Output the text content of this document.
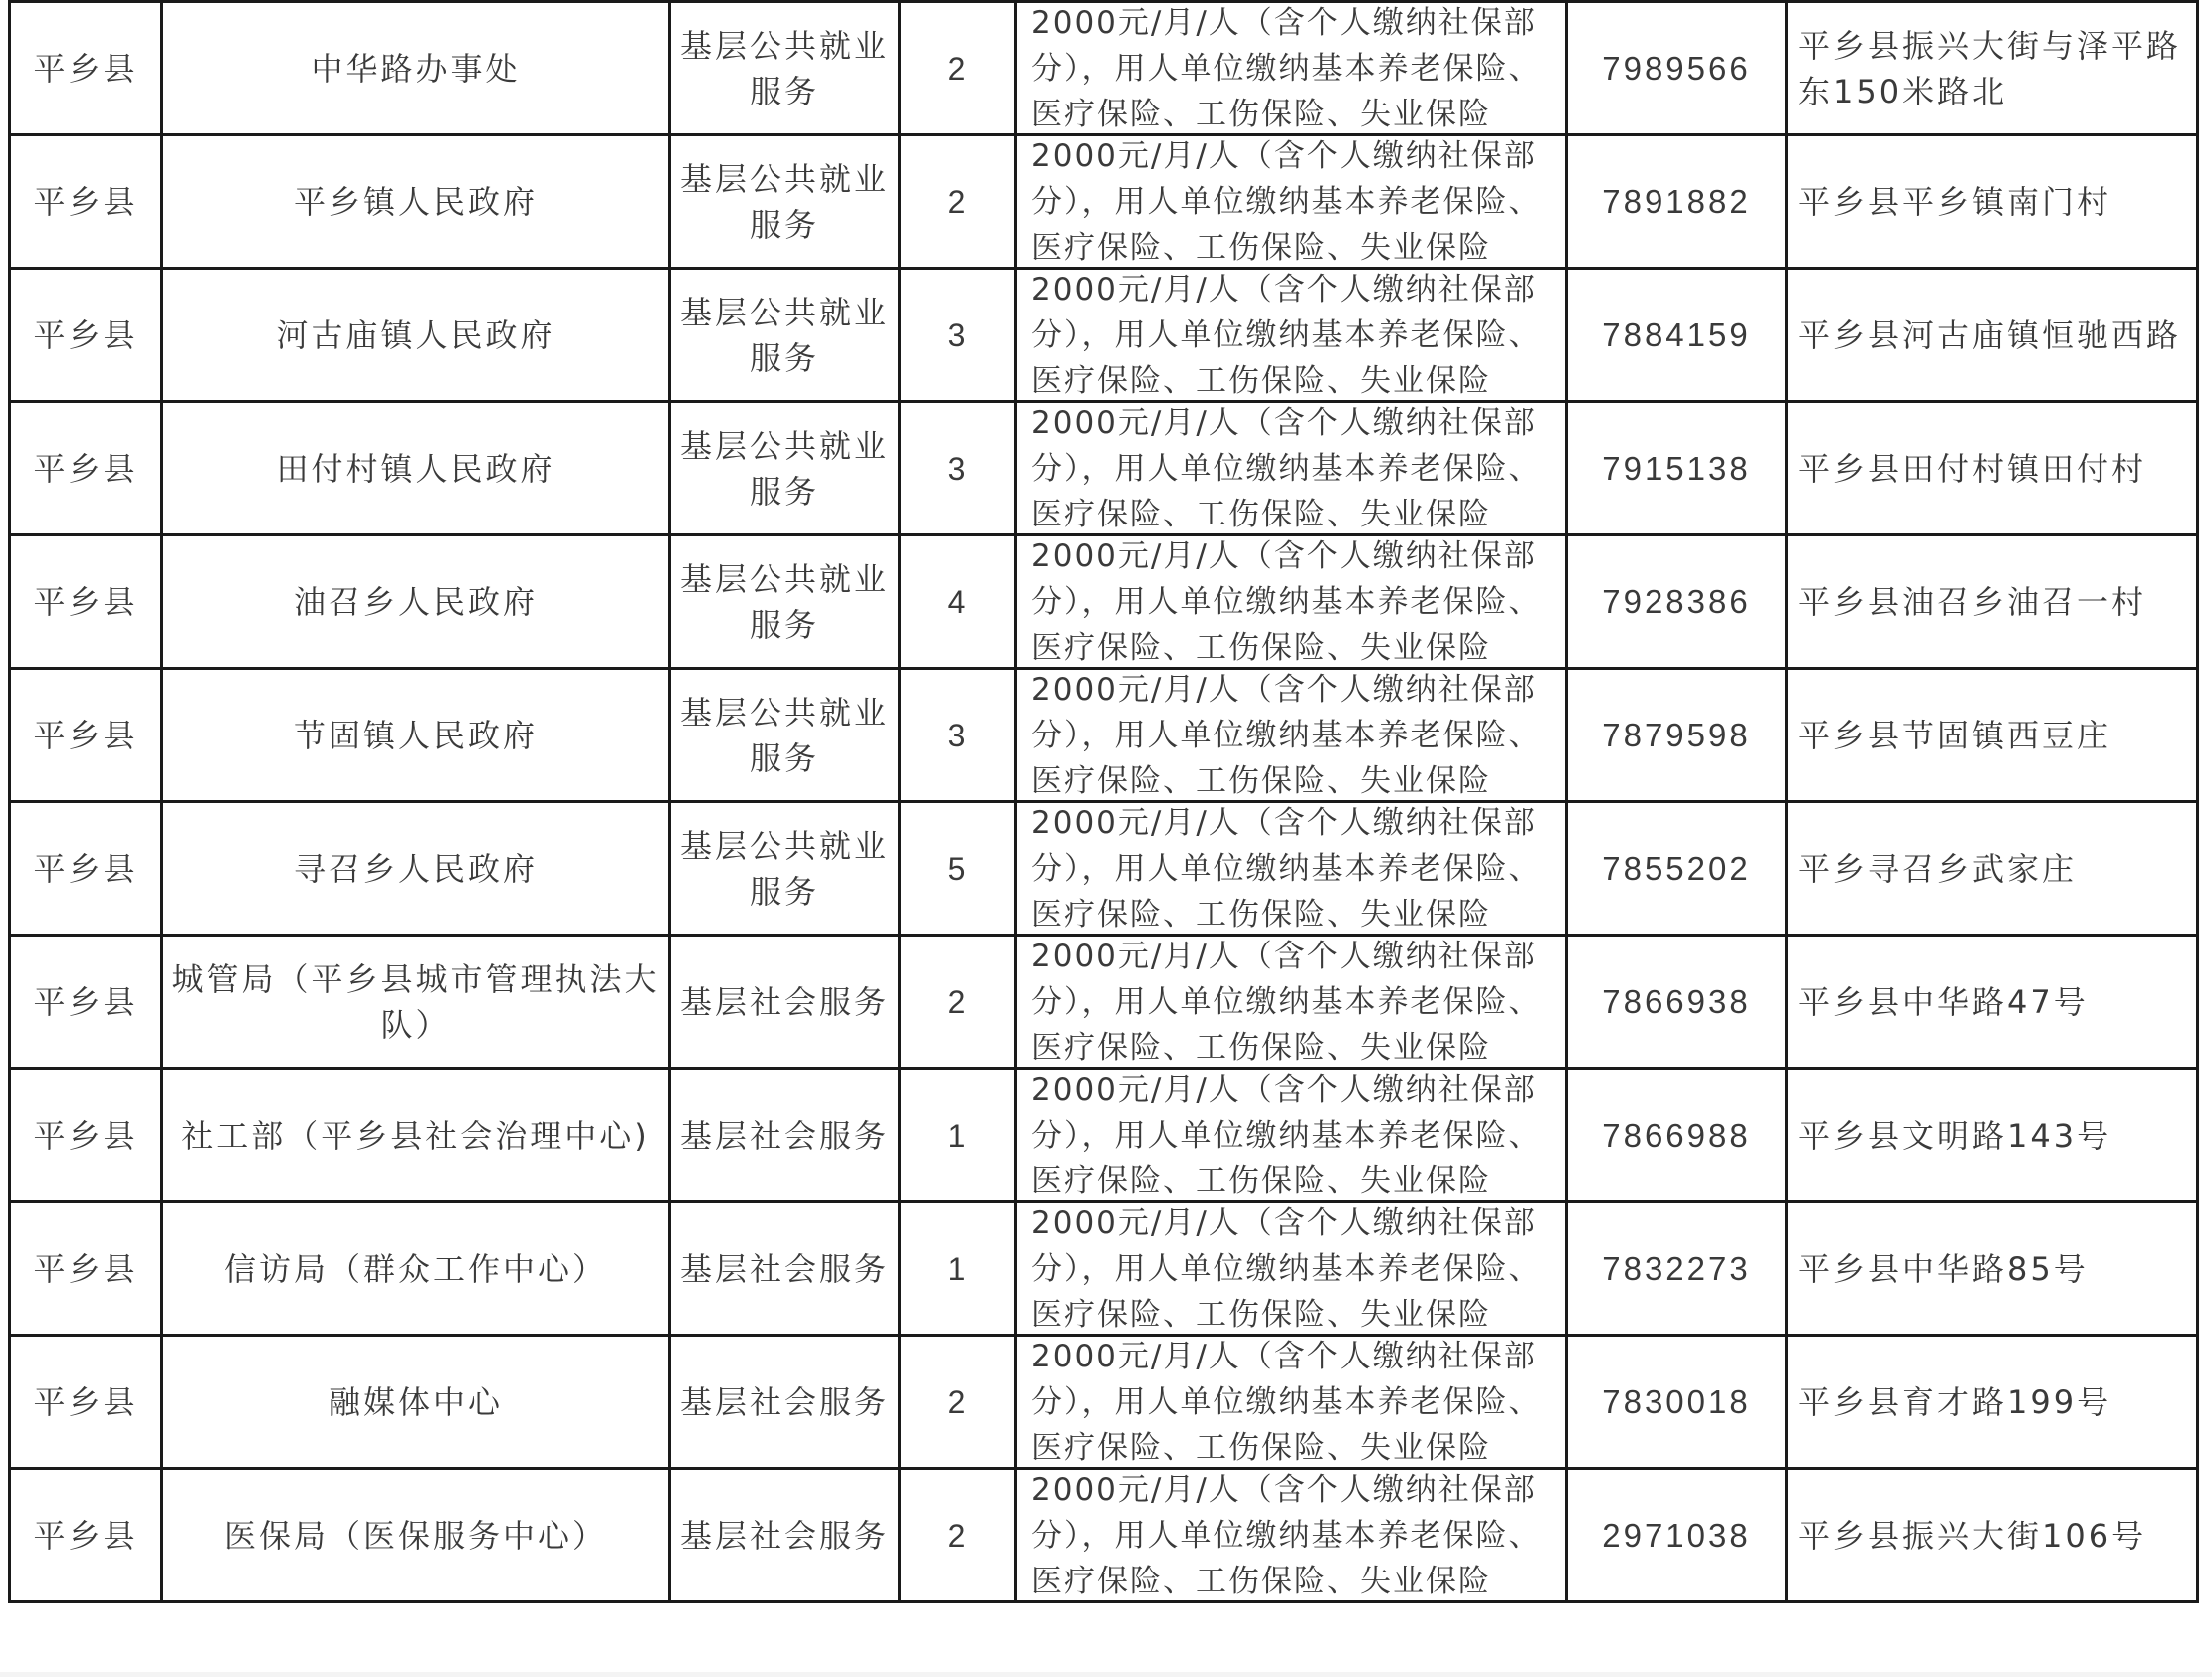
平乡县	中华路办事处	基层公共就业服务	2	2000元/月/人（含个人缴纳社保部分），用人单位缴纳基本养老保险、医疗保险、工伤保险、失业保险	7989566	平乡县振兴大街与泽平路东150米路北
平乡县	平乡镇人民政府	基层公共就业服务	2	2000元/月/人（含个人缴纳社保部分），用人单位缴纳基本养老保险、医疗保险、工伤保险、失业保险	7891882	平乡县平乡镇南门村
平乡县	河古庙镇人民政府	基层公共就业服务	3	2000元/月/人（含个人缴纳社保部分），用人单位缴纳基本养老保险、医疗保险、工伤保险、失业保险	7884159	平乡县河古庙镇恒驰西路
平乡县	田付村镇人民政府	基层公共就业服务	3	2000元/月/人（含个人缴纳社保部分），用人单位缴纳基本养老保险、医疗保险、工伤保险、失业保险	7915138	平乡县田付村镇田付村
平乡县	油召乡人民政府	基层公共就业服务	4	2000元/月/人（含个人缴纳社保部分），用人单位缴纳基本养老保险、医疗保险、工伤保险、失业保险	7928386	平乡县油召乡油召一村
平乡县	节固镇人民政府	基层公共就业服务	3	2000元/月/人（含个人缴纳社保部分），用人单位缴纳基本养老保险、医疗保险、工伤保险、失业保险	7879598	平乡县节固镇西豆庄
平乡县	寻召乡人民政府	基层公共就业服务	5	2000元/月/人（含个人缴纳社保部分），用人单位缴纳基本养老保险、医疗保险、工伤保险、失业保险	7855202	平乡寻召乡武家庄
平乡县	城管局（平乡县城市管理执法大队）	基层社会服务	2	2000元/月/人（含个人缴纳社保部分），用人单位缴纳基本养老保险、医疗保险、工伤保险、失业保险	7866938	平乡县中华路47号
平乡县	社工部（平乡县社会治理中心)	基层社会服务	1	2000元/月/人（含个人缴纳社保部分），用人单位缴纳基本养老保险、医疗保险、工伤保险、失业保险	7866988	平乡县文明路143号
平乡县	信访局（群众工作中心）	基层社会服务	1	2000元/月/人（含个人缴纳社保部分），用人单位缴纳基本养老保险、医疗保险、工伤保险、失业保险	7832273	平乡县中华路85号
平乡县	融媒体中心	基层社会服务	2	2000元/月/人（含个人缴纳社保部分），用人单位缴纳基本养老保险、医疗保险、工伤保险、失业保险	7830018	平乡县育才路199号
平乡县	医保局（医保服务中心）	基层社会服务	2	2000元/月/人（含个人缴纳社保部分），用人单位缴纳基本养老保险、医疗保险、工伤保险、失业保险	2971038	平乡县振兴大街106号
